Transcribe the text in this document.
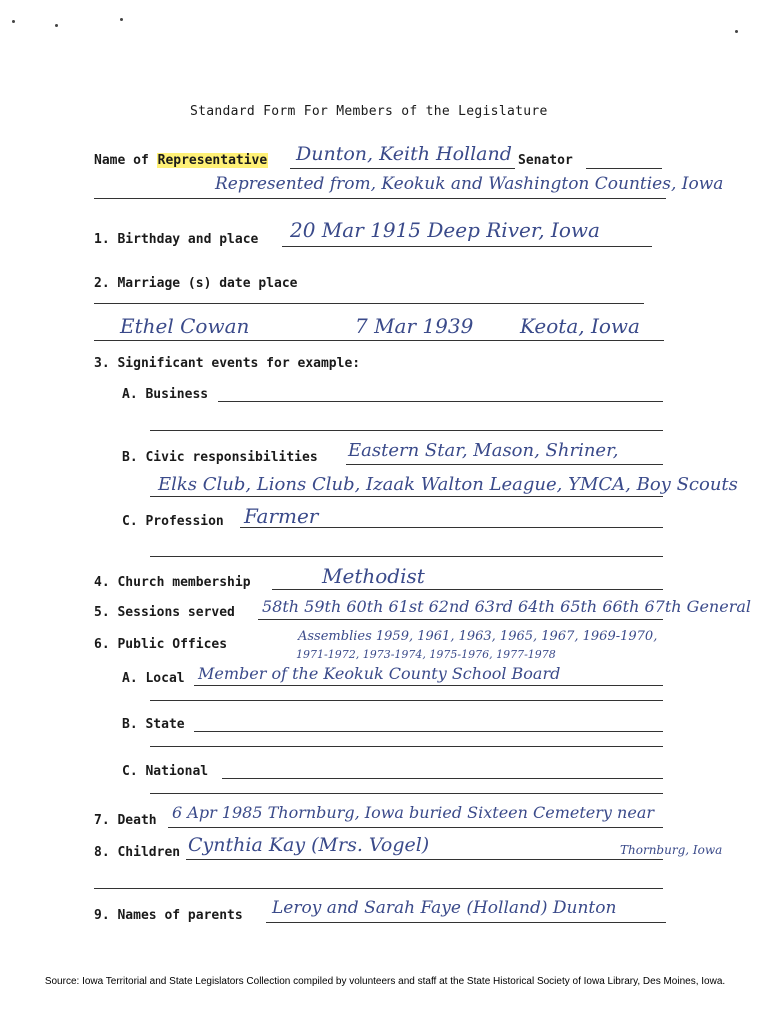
Standard Form For Members of the Legislature
Name of Representative Dunton, Keith Holland Senator
Represented from, Keokuk and Washington Counties, Iowa
1. Birthday and place 20 Mar 1915 Deep River, Iowa
2. Marriage (s) date place
Ethel Cowan	7 Mar 1939 Keota, Iowa
3. Significant events for example:
A. Business
B. Civic responsibilities Eastern Star, Mason, Shriner,
Elks Club, Lions Club, Izaak Walton League, YMCA, Boy Scouts
C. Profession Farmer
4. Church membership	Methodist
5. Sessions served 58th 59th 60th 61st 62nd 63rd 64th 65th 66th 67th General
6. Public Offices
Assemblies 1959, 1961, 1963, 1965, 1967, 1969-1970,
1971-1972, 1973-1974, 1975-1976, 1977-1978
A. Local Member of the Keokuk County School Board
B. State
C. National
7. Death 6 Apr 1985 Thornburg, Iowa buried Sixteen Cemetery near
8. Children Cynthia Kay (Mrs. Vogel)	Thornburg, Iowa
9. Names of parents Leroy and Sarah Faye (Holland) Dunton
Source: Iowa Territorial and State Legislators Collection compiled by volunteers and staff at the State Historical Society of Iowa Library, Des Moines, Iowa.
